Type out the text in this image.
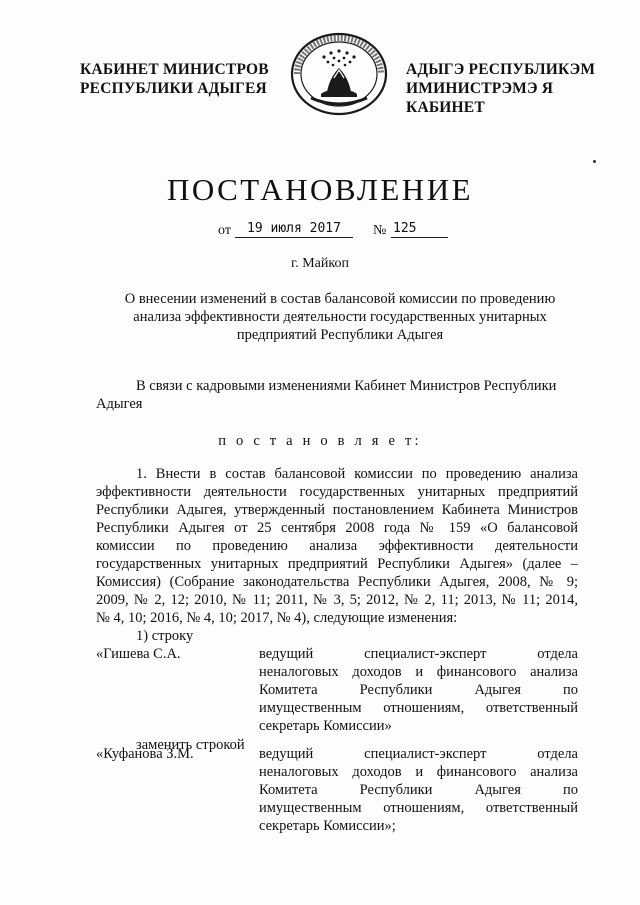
КАБИНЕТ МИНИСТРОВ
РЕСПУБЛИКИ АДЫГЕЯ
АДЫГЭ РЕСПУБЛИКЭМ
ИМИНИСТРЭМЭ Я КАБИНЕТ
ПОСТАНОВЛЕНИЕ
от	19 июля 2017	№ 125
г. Майкоп
О внесении изменений в состав балансовой комиссии по проведению
анализа эффективности деятельности государственных унитарных
предприятий Республики Адыгея
В связи с кадровыми изменениями Кабинет Министров Республики
Адыгея
п о с т а н о в л я е т:

1. Внести в состав балансовой комиссии по проведению анализа

эффективности деятельности государственных унитарных предприятий
Республики Адыгея, утвержденный постановлением Кабинета Министров
Республики Адыгея от 25 сентября 2008 года № 159 «О балансовой
комиссии по проведению анализа эффективности деятельности
государственных унитарных предприятий Республики Адыгея» (далее –
Комиссия) (Собрание законодательства Республики Адыгея, 2008, № 9;
2009, № 2, 12; 2010, № 11; 2011, № 3, 5; 2012, № 2, 11; 2013, № 11; 2014,
№ 4, 10; 2016, № 4, 10; 2017, № 4), следующие изменения:
1) строку
«Гишева С.А.	ведущий специалист-эксперт отдела
неналоговых доходов и финансового анализа
Комитета Республики Адыгея по
имущественным отношениям, ответственный
секретарь Комиссии»
заменить строкой
«Куфанова З.М.	ведущий специалист-эксперт отдела
неналоговых доходов и финансового анализа
Комитета Республики Адыгея по
имущественным отношениям, ответственный
секретарь Комиссии»;
